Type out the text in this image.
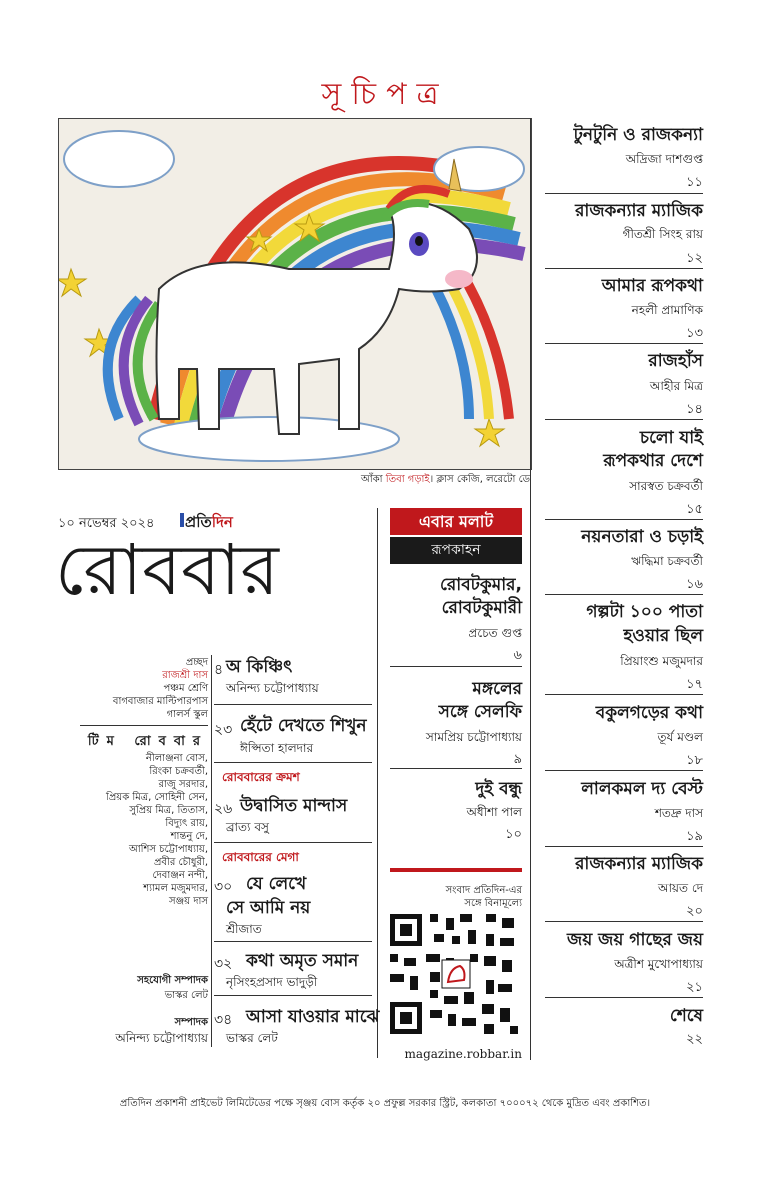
সূচিপত্র
আঁকা তিবা গড়াই। ক্লাস কেজি, লরেটো ডে
১০ নভেম্বর ২০২৪ প্রতিদিন
রোববার
প্রচ্ছদ
রাজশ্রী দাস
পঞ্চম শ্রেণি
বাগবাজার মাল্টিপারপাস
গালর্স স্কুল
টিম রোববার
নীলাঞ্জনা বোস,
রিংকা চক্রবর্তী,
রাজু সরদার,
প্রিয়ক মিত্র, সোহিনী সেন,
সুপ্রিয় মিত্র, তিতাস,
বিদ্যুৎ রায়,
শান্তনু দে,
আশিস চট্টোপাধ্যায়,
প্রবীর চৌধুরী,
দেবাঞ্জন নন্দী,
শ্যামল মজুমদার,
সঞ্জয় দাস
সহযোগী সম্পাদক
ভাস্কর লেট
সম্পাদক
অনিন্দ্য চট্টোপাধ্যায়
৪ অ কিঞ্চিৎ
অনিন্দ্য চট্টোপাধ্যায়
২৩ হেঁটে দেখতে শিখুন
ঈপ্সিতা হালদার
রোববারের ক্রমশ
২৬ উদ্বাসিত মান্দাস
ব্রাত্য বসু
রোববারের মেগা
৩০ যে লেখে
সে আমি নয়
শ্রীজাত
৩২ কথা অমৃত সমান
নৃসিংহপ্রসাদ ভাদুড়ী
৩৪ আসা যাওয়ার মাঝে
ভাস্কর লেট
এবার মলাট
রূপকাহন
রোবটকুমার,
রোবটকুমারী
প্রচেত গুপ্ত
৬
মঙ্গলের
সঙ্গে সেলফি
সামপ্রিয় চট্টোপাধ্যায়
৯
দুই বন্ধু
অধীশা পাল
১০
সংবাদ প্রতিদিন-এর
সঙ্গে বিনামূল্যে
magazine.robbar.in
টুনটুনি ও রাজকন্যা
অদ্রিজা দাশগুপ্ত
১১
রাজকন্যার ম্যাজিক
গীতশ্রী সিংহ রায়
১২
আমার রূপকথা
নহলী প্রামাণিক
১৩
রাজহাঁস
আহীর মিত্র
১৪
চলো যাই
রূপকথার দেশে
সারস্বত চক্রবর্তী
১৫
নয়নতারা ও চড়াই
ঋদ্ধিমা চক্রবর্তী
১৬
গল্পটা ১০০ পাতা
হওয়ার ছিল
প্রিয়াংশু মজুমদার
১৭
বকুলগড়ের কথা
তূর্য মণ্ডল
১৮
লালকমল দ্য বেস্ট
শতদ্রু দাস
১৯
রাজকন্যার ম্যাজিক
আয়ত দে
২০
জয় জয় গাছের জয়
অত্রীশ মুখোপাধ্যায়
২১
শেষে
২২
প্রতিদিন প্রকাশনী প্রাইভেট লিমিটেডের পক্ষে সৃঞ্জয় বোস কর্তৃক ২০ প্রফুল্ল সরকার স্ট্রিট, কলকাতা ৭০০০৭২ থেকে মুদ্রিত এবং প্রকাশিত।
